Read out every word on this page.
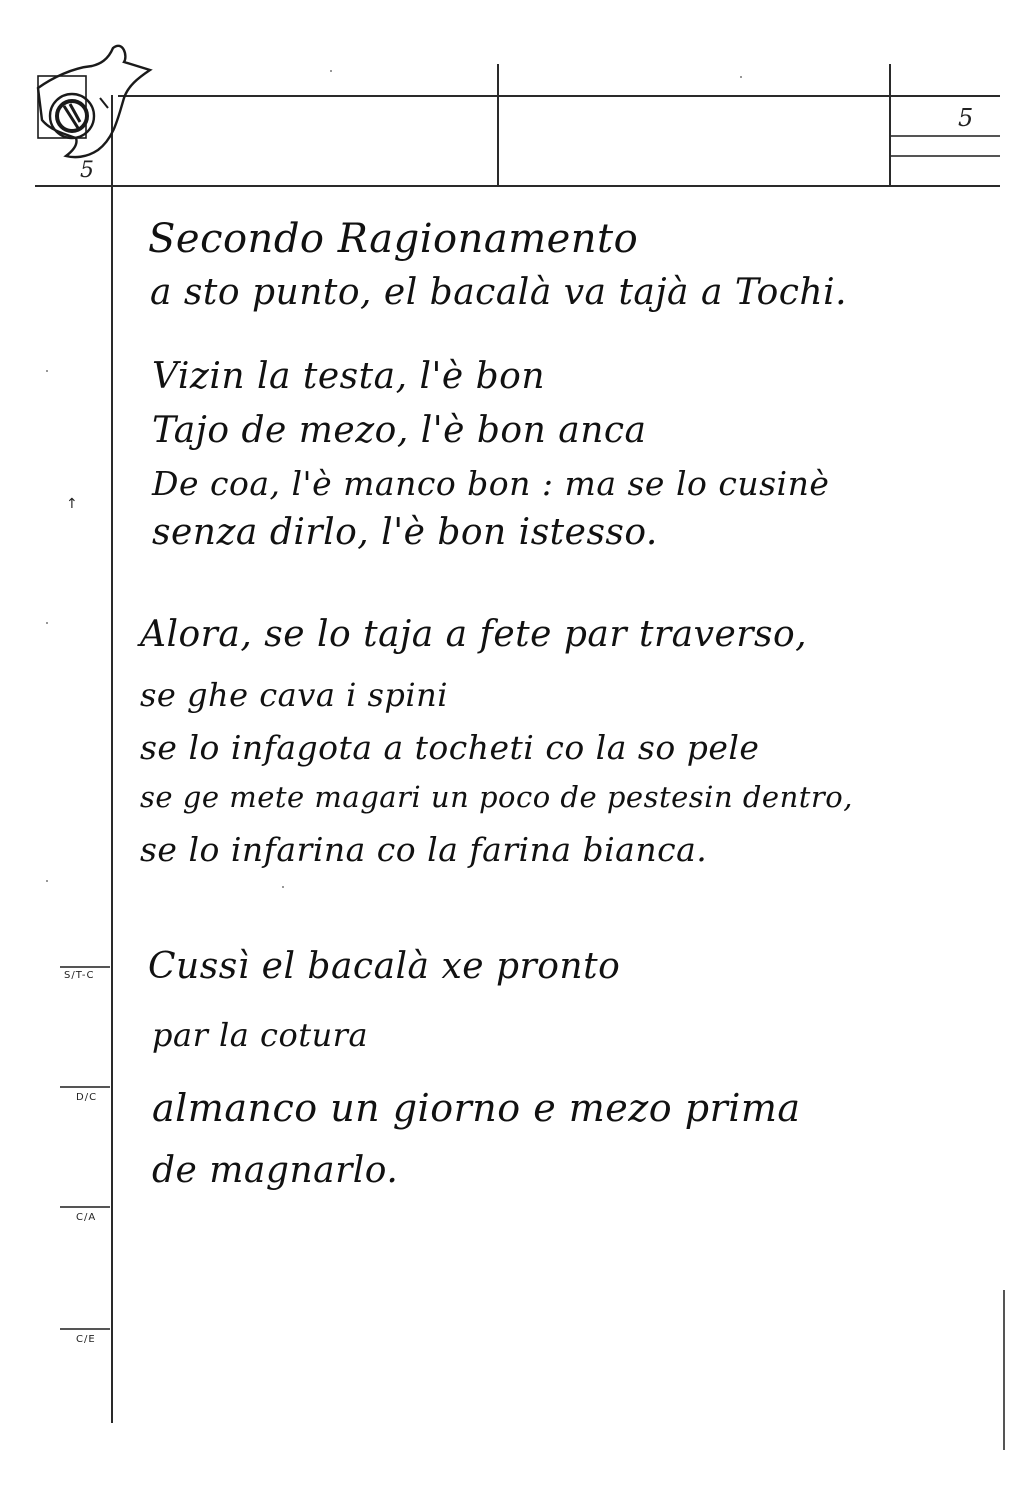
5
5
S/T-C
D/C
C/A
C/E
↑
Secondo Ragionamento
a sto punto, el bacalà va tajà a Tochi.
Vizin la testa, l'è bon
Tajo de mezo, l'è bon anca
De coa, l'è manco bon : ma se lo cusinè
senza dirlo, l'è bon istesso.
Alora, se lo taja a fete par traverso,
se ghe cava i spini
se lo infagota a tocheti co la so pele
se ge mete magari un poco de pestesin dentro,
se lo infarina co la farina bianca.
Cussì el bacalà xe pronto
par la cotura
almanco un giorno e mezo prima
de magnarlo.
